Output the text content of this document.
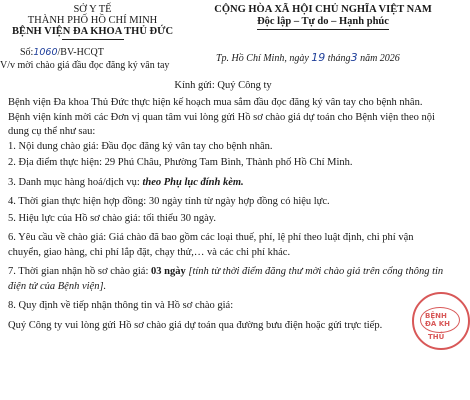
SỞ Y TẾ
THÀNH PHỐ HỒ CHÍ MINH
BỆNH VIỆN ĐA KHOA THỦ ĐỨC
CỘNG HÒA XÃ HỘI CHỦ NGHĨA VIỆT NAM
Độc lập – Tự do – Hạnh phúc
Số:1060/BV-HCQT
V/v mời chào giá đầu đọc đăng ký vân tay
Tp. Hồ Chí Minh, ngày 19 tháng3 năm 2026
Kính gửi: Quý Công ty

Bệnh viện Đa khoa Thủ Đức thực hiện kế hoạch mua sắm đầu đọc đăng ký vân tay cho bệnh nhân. Bệnh viện kính mời các Đơn vị quan tâm vui lòng gửi Hồ sơ chào giá dự toán cho Bệnh viện theo nội dung cụ thể như sau:

1. Nội dung chào giá: Đầu đọc đăng ký vân tay cho bệnh nhân.

2. Địa điểm thực hiện: 29 Phú Châu, Phường Tam Bình, Thành phố Hồ Chí Minh.

3. Danh mục hàng hoá/dịch vụ: theo Phụ lục đính kèm.

4. Thời gian thực hiện hợp đồng: 30 ngày tính từ ngày hợp đồng có hiệu lực.

5. Hiệu lực của Hồ sơ chào giá: tối thiểu 30 ngày.

6. Yêu cầu về chào giá: Giá chào đã bao gồm các loại thuế, phí, lệ phí theo luật định, chi phí vận chuyển, giao hàng, chi phí lắp đặt, chạy thử,… và các chi phí khác.

7. Thời gian nhận hồ sơ chào giá: 03 ngày [tính từ thời điểm đăng thư mời chào giá trên cổng thông tin điện tử của Bệnh viện].

8. Quy định về tiếp nhận thông tin và Hồ sơ chào giá:

Quý Công ty vui lòng gửi Hồ sơ chào giá dự toán qua đường bưu điện hoặc gửi trực tiếp.

BỆNH
ĐA KH
THỦ
